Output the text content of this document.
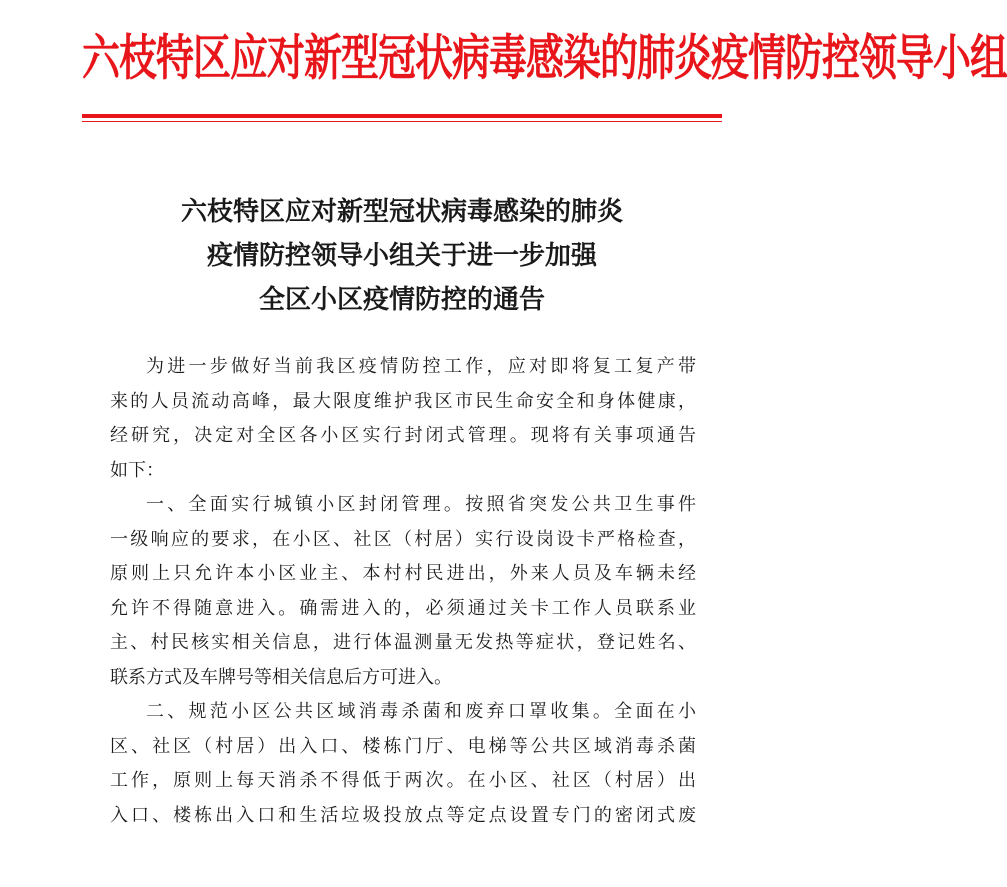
六枝特区应对新型冠状病毒感染的肺炎疫情防控领导小组
六枝特区应对新型冠状病毒感染的肺炎
疫情防控领导小组关于进一步加强
全区小区疫情防控的通告
为进一步做好当前我区疫情防控工作，应对即将复工复产带
来的人员流动高峰，最大限度维护我区市民生命安全和身体健康，
经研究，决定对全区各小区实行封闭式管理。现将有关事项通告
如下：
一、全面实行城镇小区封闭管理。按照省突发公共卫生事件
一级响应的要求，在小区、社区（村居）实行设岗设卡严格检查，
原则上只允许本小区业主、本村村民进出，外来人员及车辆未经
允许不得随意进入。确需进入的，必须通过关卡工作人员联系业
主、村民核实相关信息，进行体温测量无发热等症状，登记姓名、
联系方式及车牌号等相关信息后方可进入。
二、规范小区公共区域消毒杀菌和废弃口罩收集。全面在小
区、社区（村居）出入口、楼栋门厅、电梯等公共区域消毒杀菌
工作，原则上每天消杀不得低于两次。在小区、社区（村居）出
入口、楼栋出入口和生活垃圾投放点等定点设置专门的密闭式废
